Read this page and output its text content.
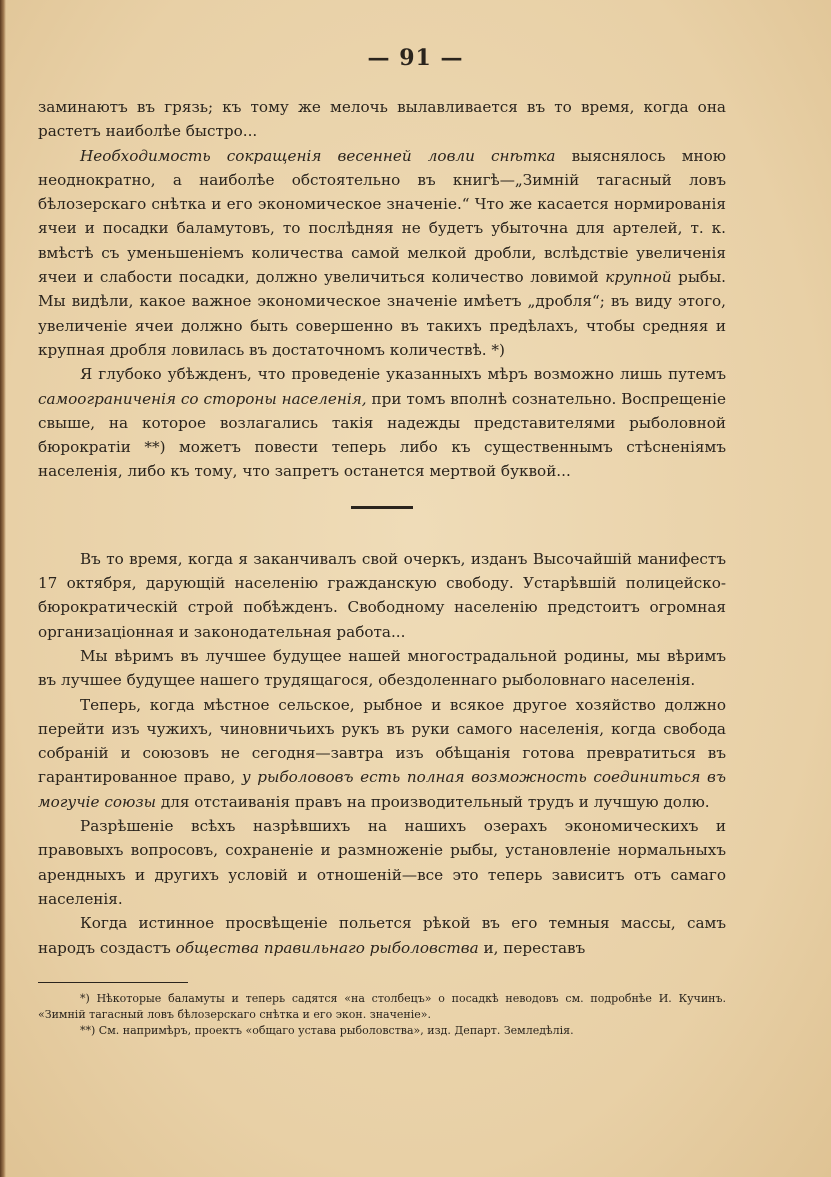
— 91 —

заминаютъ въ грязь; къ тому же мелочь вылавливается въ то время, когда она растетъ наиболѣе быстро...

Необходимость сокращенія весенней ловли снѣтка выяснялось мною неоднократно, а наиболѣе обстоятельно въ книгѣ—„Зимній тагасный ловъ бѣлозерскаго снѣтка и его экономическое значеніе.“ Что же касается нормированія ячеи и посадки баламутовъ, то послѣдняя не будетъ убыточна для артелей, т. к. вмѣстѣ съ уменьшеніемъ количества самой мелкой дробли, вслѣдствіе увеличенія ячеи и слабости посадки, должно увеличиться количество ловимой крупной рыбы. Мы видѣли, какое важное экономическое значеніе имѣетъ „дробля“; въ виду этого, увеличеніе ячеи должно быть совершенно въ такихъ предѣлахъ, чтобы средняя и крупная дробля ловилась въ достаточномъ количествѣ. *)

Я глубоко убѣжденъ, что проведеніе указанныхъ мѣръ возможно лишь путемъ самоограниченія со стороны населенія, при томъ вполнѣ сознательно. Воспрещеніе свыше, на которое возлагались такія надежды представителями рыболовной бюрократіи **) можетъ повести теперь либо къ существеннымъ стѣсненіямъ населенія, либо къ тому, что запретъ останется мертвой буквой...

Въ то время, когда я заканчивалъ свой очеркъ, изданъ Высочайшій манифестъ 17 октября, дарующій населенію гражданскую свободу. Устарѣвшій полицейско-бюрократическій строй побѣжденъ. Свободному населенію предстоитъ огромная организаціонная и законодательная работа...

Мы вѣримъ въ лучшее будущее нашей многострадальной родины, мы вѣримъ въ лучшее будущее нашего трудящагося, обездоленнаго рыболовнаго населенія.

Теперь, когда мѣстное сельское, рыбное и всякое другое хозяйство должно перейти изъ чужихъ, чиновничьихъ рукъ въ руки самого населенія, когда свобода собраній и союзовъ не сегодня—завтра изъ обѣщанія готова превратиться въ гарантированное право, у рыболововъ есть полная возможность соединиться въ могучіе союзы для отстаиванія правъ на производительный трудъ и лучшую долю.

Разрѣшеніе всѣхъ назрѣвшихъ на нашихъ озерахъ экономическихъ и правовыхъ вопросовъ, сохраненіе и размноженіе рыбы, установленіе нормальныхъ арендныхъ и другихъ условій и отношеній—все это теперь зависитъ отъ самаго населенія.

Когда истинное просвѣщеніе польется рѣкой въ его темныя массы, самъ народъ создастъ общества правильнаго рыболовства и, переставъ

*) Нѣкоторые баламуты и теперь садятся «на столбецъ» о посадкѣ неводовъ см. подробнѣе И. Кучинъ. «Зимній тагасный ловъ бѣлозерскаго снѣтка и его экон. значеніе».

**) См. напримѣръ, проектъ «общаго устава рыболовства», изд. Департ. Земледѣлія.
